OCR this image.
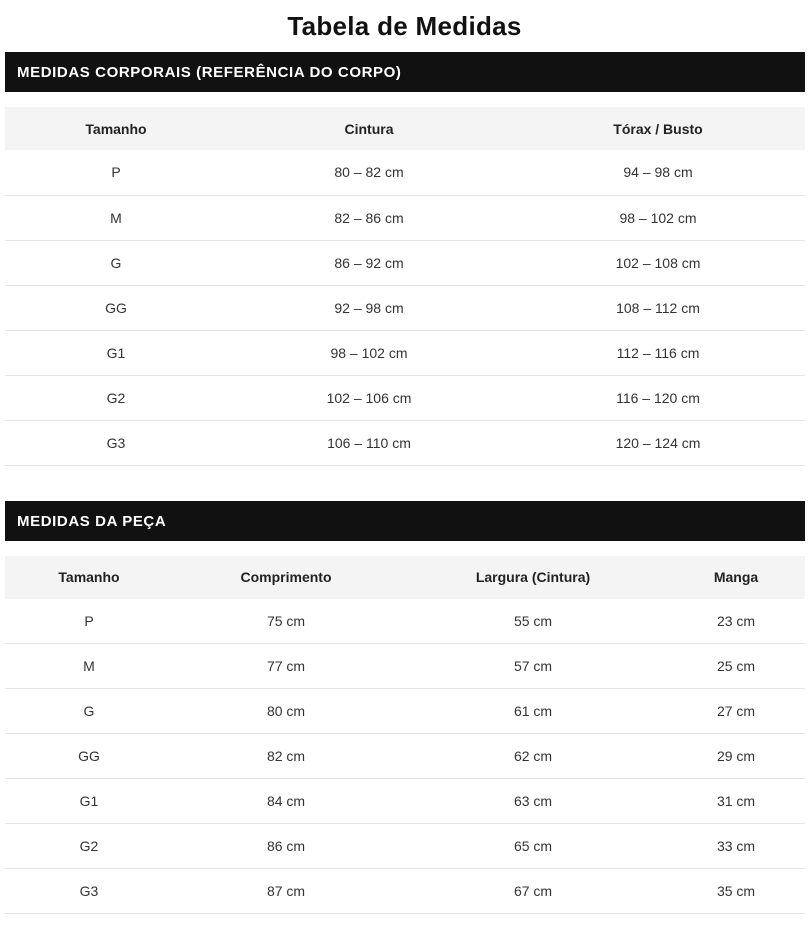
Tabela de Medidas
MEDIDAS CORPORAIS (REFERÊNCIA DO CORPO)
Tamanho	Cintura	Tórax / Busto
P	80 – 82 cm	94 – 98 cm
M	82 – 86 cm	98 – 102 cm
G	86 – 92 cm	102 – 108 cm
GG	92 – 98 cm	108 – 112 cm
G1	98 – 102 cm	112 – 116 cm
G2	102 – 106 cm	116 – 120 cm
G3	106 – 110 cm	120 – 124 cm
MEDIDAS DA PEÇA
Tamanho	Comprimento	Largura (Cintura)	Manga
P	75 cm	55 cm	23 cm
M	77 cm	57 cm	25 cm
G	80 cm	61 cm	27 cm
GG	82 cm	62 cm	29 cm
G1	84 cm	63 cm	31 cm
G2	86 cm	65 cm	33 cm
G3	87 cm	67 cm	35 cm
